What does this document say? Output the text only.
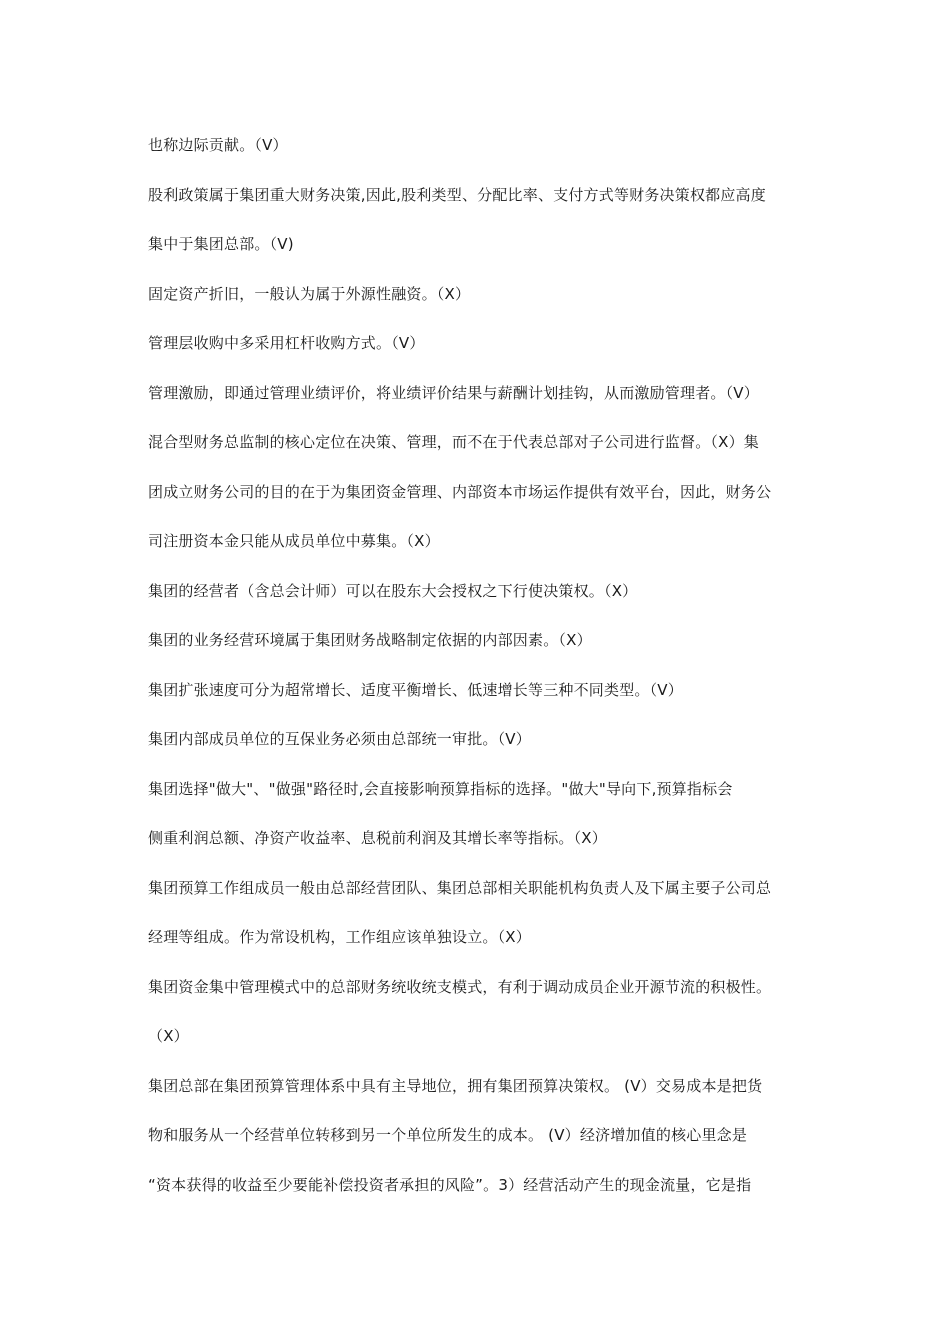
也称边际贡献。（V）
股利政策属于集团重大财务决策,因此,股利类型、分配比率、支付方式等财务决策权都应高度
集中于集团总部。（V)
固定资产折旧，一般认为属于外源性融资。（X）
管理层收购中多采用杠杆收购方式。（V）
管理激励，即通过管理业绩评价，将业绩评价结果与薪酬计划挂钩，从而激励管理者。（V）
混合型财务总监制的核心定位在决策、管理，而不在于代表总部对子公司进行监督。（X）集
团成立财务公司的目的在于为集团资金管理、内部资本市场运作提供有效平台，因此，财务公
司注册资本金只能从成员单位中募集。（X）
集团的经营者（含总会计师）可以在股东大会授权之下行使决策权。（X）
集团的业务经营环境属于集团财务战略制定依据的内部因素。（X）
集团扩张速度可分为超常增长、适度平衡增长、低速增长等三种不同类型。（V）
集团内部成员单位的互保业务必须由总部统一审批。（V）
集团选择"做大"、"做强"路径时,会直接影响预算指标的选择。"做大"导向下,预算指标会
侧重利润总额、净资产收益率、息税前利润及其增长率等指标。（X）
集团预算工作组成员一般由总部经营团队、集团总部相关职能机构负责人及下属主要子公司总
经理等组成。作为常设机构，工作组应该单独设立。（X）
集团资金集中管理模式中的总部财务统收统支模式，有利于调动成员企业开源节流的积极性。
（X）
集团总部在集团预算管理体系中具有主导地位，拥有集团预算决策权。 (V）交易成本是把货
物和服务从一个经营单位转移到另一个单位所发生的成本。 (V）经济增加值的核心里念是
“资本获得的收益至少要能补偿投资者承担的风险”。3）经营活动产生的现金流量，它是指
